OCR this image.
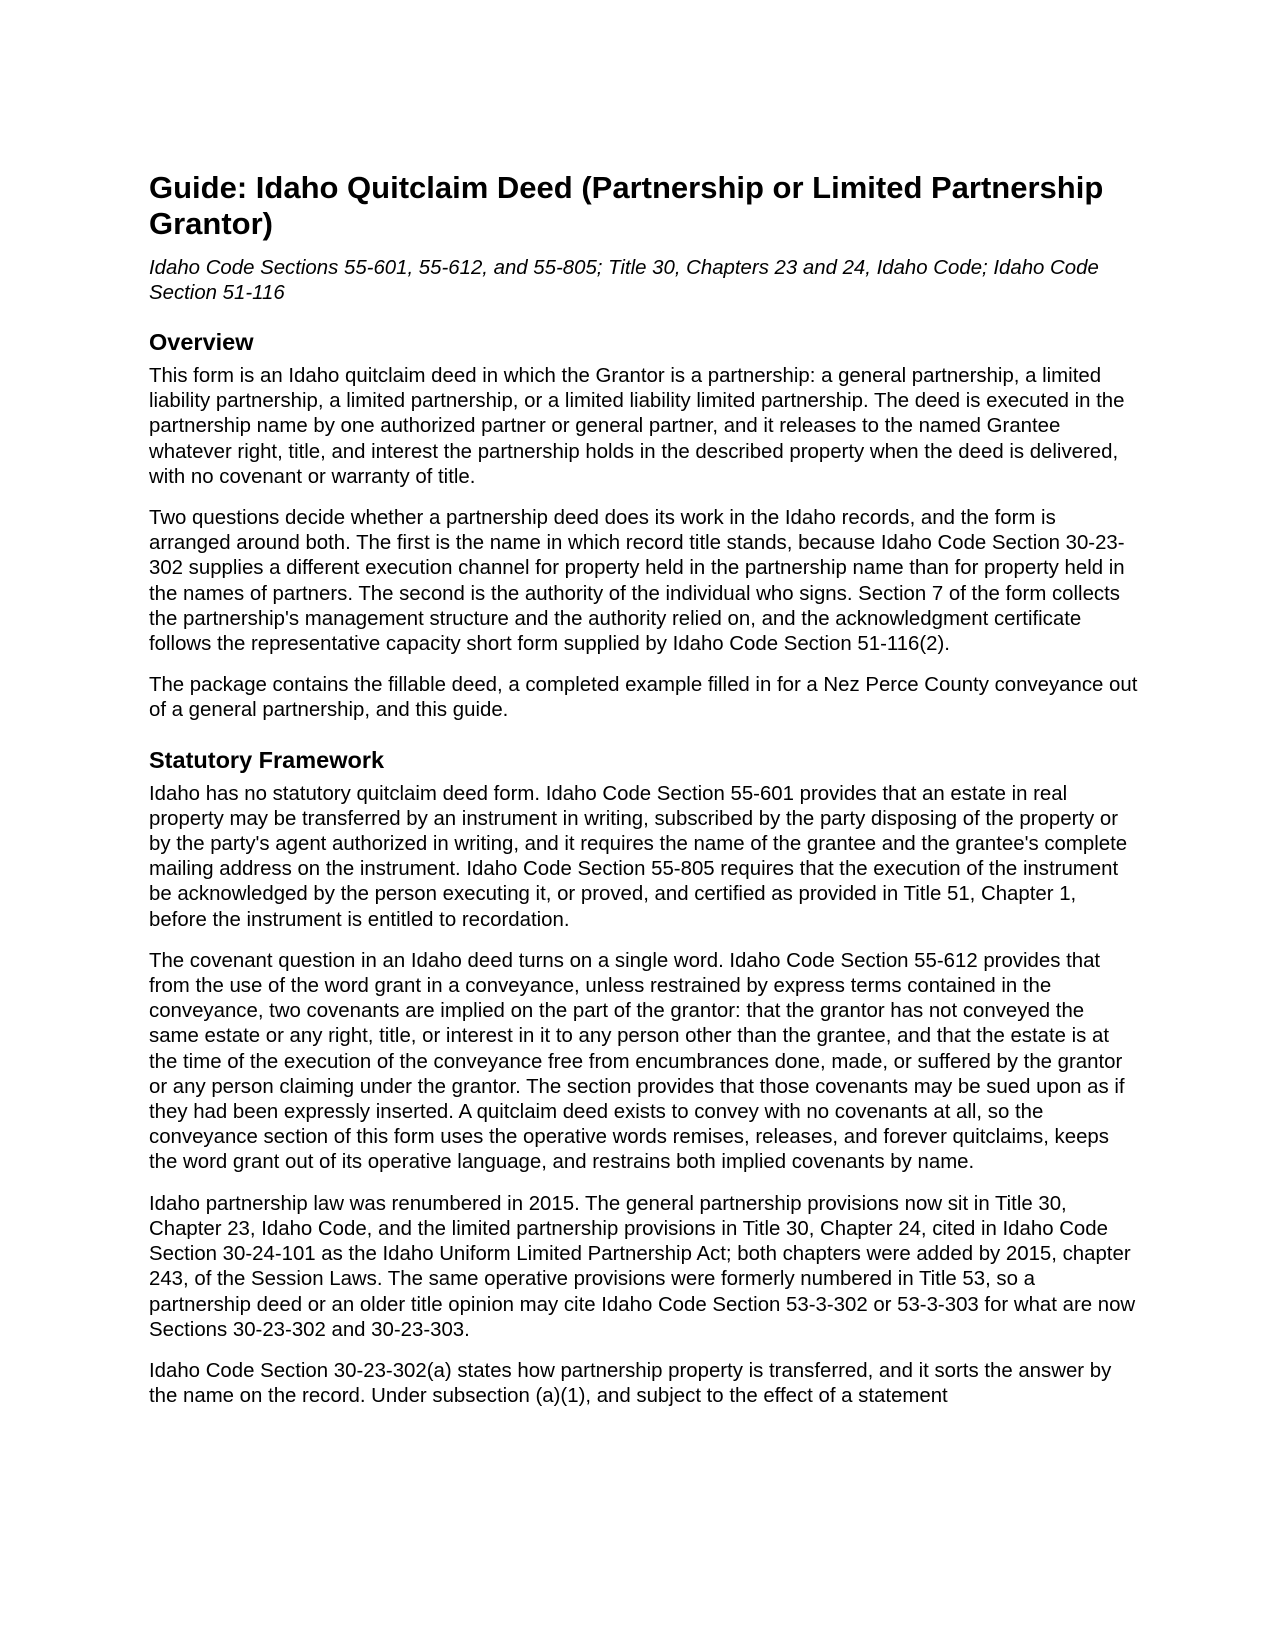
Guide: Idaho Quitclaim Deed (Partnership or Limited Partnership Grantor)
Idaho Code Sections 55-601, 55-612, and 55-805; Title 30, Chapters 23 and 24, Idaho Code; Idaho Code Section 51-116
Overview

This form is an Idaho quitclaim deed in which the Grantor is a partnership: a general partnership, a limited liability partnership, a limited partnership, or a limited liability limited partnership. The deed is executed in the partnership name by one authorized partner or general partner, and it releases to the named Grantee whatever right, title, and interest the partnership holds in the described property when the deed is delivered, with no covenant or warranty of title.

Two questions decide whether a partnership deed does its work in the Idaho records, and the form is arranged around both. The first is the name in which record title stands, because Idaho Code Section 30-23-302 supplies a different execution channel for property held in the partnership name than for property held in the names of partners. The second is the authority of the individual who signs. Section 7 of the form collects the partnership's management structure and the authority relied on, and the acknowledgment certificate follows the representative capacity short form supplied by Idaho Code Section 51-116(2).

The package contains the fillable deed, a completed example filled in for a Nez Perce County conveyance out of a general partnership, and this guide.

Statutory Framework

Idaho has no statutory quitclaim deed form. Idaho Code Section 55-601 provides that an estate in real property may be transferred by an instrument in writing, subscribed by the party disposing of the property or by the party's agent authorized in writing, and it requires the name of the grantee and the grantee's complete mailing address on the instrument. Idaho Code Section 55-805 requires that the execution of the instrument be acknowledged by the person executing it, or proved, and certified as provided in Title 51, Chapter 1, before the instrument is entitled to recordation.

The covenant question in an Idaho deed turns on a single word. Idaho Code Section 55-612 provides that from the use of the word grant in a conveyance, unless restrained by express terms contained in the conveyance, two covenants are implied on the part of the grantor: that the grantor has not conveyed the same estate or any right, title, or interest in it to any person other than the grantee, and that the estate is at the time of the execution of the conveyance free from encumbrances done, made, or suffered by the grantor or any person claiming under the grantor. The section provides that those covenants may be sued upon as if they had been expressly inserted. A quitclaim deed exists to convey with no covenants at all, so the conveyance section of this form uses the operative words remises, releases, and forever quitclaims, keeps the word grant out of its operative language, and restrains both implied covenants by name.

Idaho partnership law was renumbered in 2015. The general partnership provisions now sit in Title 30, Chapter 23, Idaho Code, and the limited partnership provisions in Title 30, Chapter 24, cited in Idaho Code Section 30-24-101 as the Idaho Uniform Limited Partnership Act; both chapters were added by 2015, chapter 243, of the Session Laws. The same operative provisions were formerly numbered in Title 53, so a partnership deed or an older title opinion may cite Idaho Code Section 53-3-302 or 53-3-303 for what are now Sections 30-23-302 and 30-23-303.

Idaho Code Section 30-23-302(a) states how partnership property is transferred, and it sorts the answer by the name on the record. Under subsection (a)(1), and subject to the effect of a statement
